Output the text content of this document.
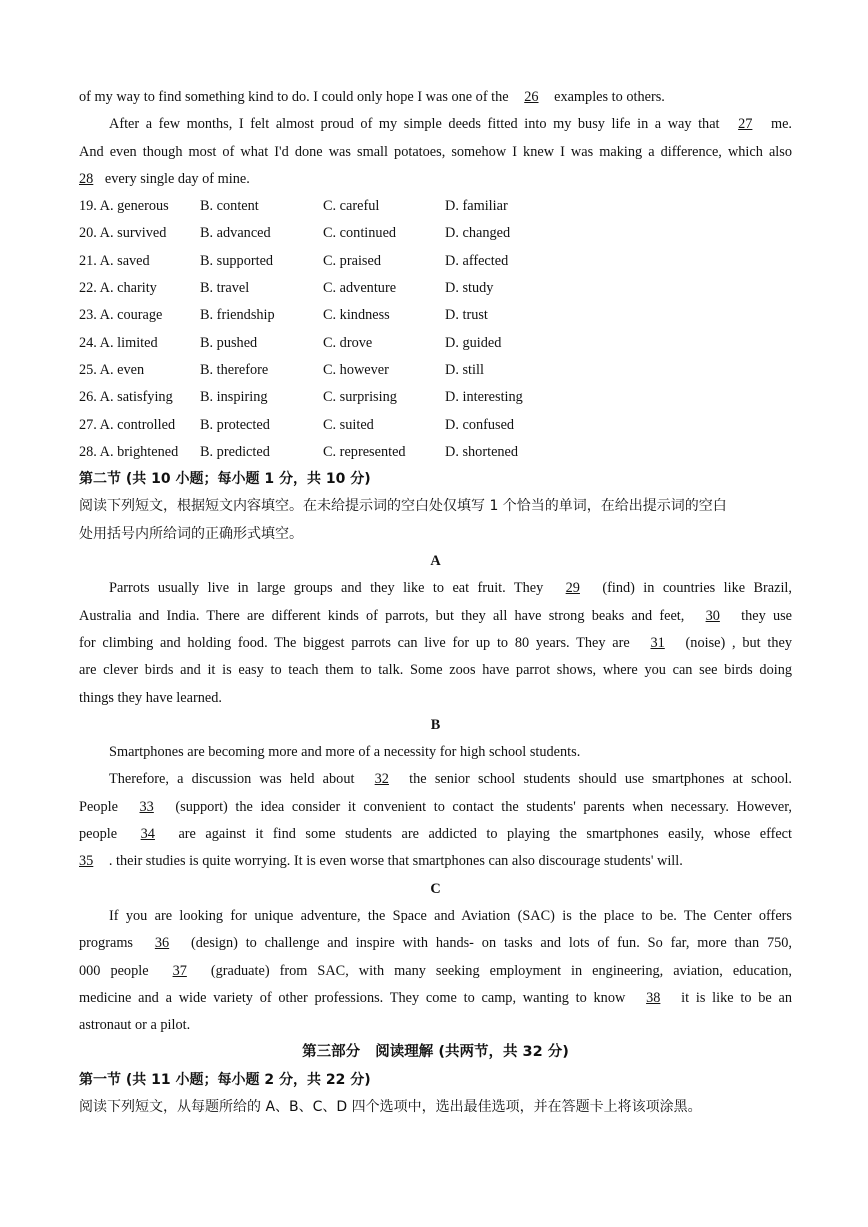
of my way to find something kind to do. I could only hope I was one of the 26 examples to others.
After a few months, I felt almost proud of my simple deeds fitted into my busy life in a way that 27 me.
And even though most of what I'd done was small potatoes, somehow I knew I was making a difference, which also
28 every single day of mine.
19. A. generous	B. content	C. careful	D. familiar
20. A. survived	B. advanced	C. continued	D. changed
21. A. saved	B. supported	C. praised	D. affected
22. A. charity	B. travel	C. adventure	D. study
23. A. courage	B. friendship	C. kindness	D. trust
24. A. limited	B. pushed	C. drove	D. guided
25. A. even	B. therefore	C. however	D. still
26. A. satisfying	B. inspiring	C. surprising	D. interesting
27. A. controlled	B. protected	C. suited	D. confused
28. A. brightened	B. predicted	C. represented	D. shortened
第二节 (共 10 小题；每小题 1 分，共 10 分)
阅读下列短文，根据短文内容填空。在未给提示词的空白处仅填写 1 个恰当的单词，在给出提示词的空白
处用括号内所给词的正确形式填空。
A
Parrots usually live in large groups and they like to eat fruit. They 29 (find) in countries like Brazil,
Australia and India. There are different kinds of parrots, but they all have strong beaks and feet, 30 they use
for climbing and holding food. The biggest parrots can live for up to 80 years. They are 31 (noise) , but they
are clever birds and it is easy to teach them to talk. Some zoos have parrot shows, where you can see birds doing
things they have learned.
B
Smartphones are becoming more and more of a necessity for high school students.
Therefore, a discussion was held about 32 the senior school students should use smartphones at school.
People 33 (support) the idea consider it convenient to contact the students' parents when necessary. However,
people 34 are against it find some students are addicted to playing the smartphones easily, whose effect
35 . their studies is quite worrying. It is even worse that smartphones can also discourage students' will.
C
If you are looking for unique adventure, the Space and Aviation (SAC) is the place to be. The Center offers
programs 36 (design) to challenge and inspire with hands- on tasks and lots of fun. So far, more than 750,
000 people 37 (graduate) from SAC, with many seeking employment in engineering, aviation, education,
medicine and a wide variety of other professions. They come to camp, wanting to know 38 it is like to be an
astronaut or a pilot.
第三部分   阅读理解 (共两节，共 32 分)
第一节 (共 11 小题；每小题 2 分，共 22 分)
阅读下列短文，从每题所给的 A、B、C、D 四个选项中，选出最佳选项，并在答题卡上将该项涂黑。
